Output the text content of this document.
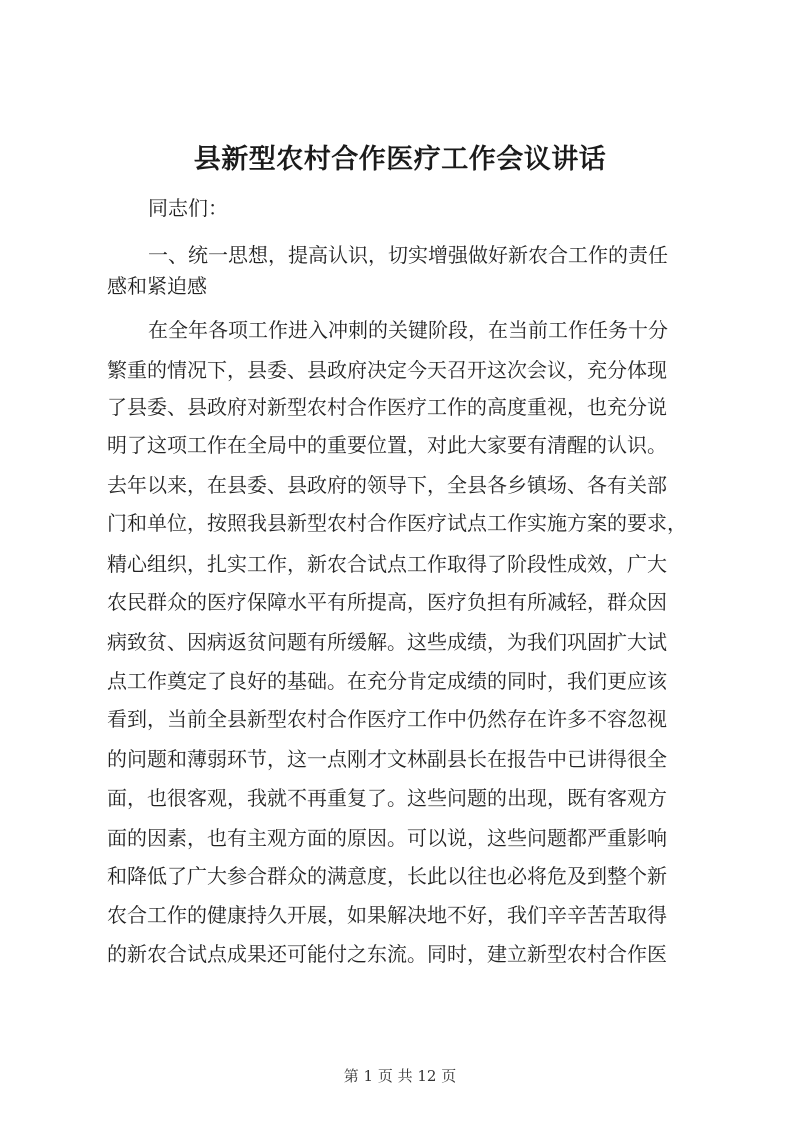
县新型农村合作医疗工作会议讲话
同志们：
一、统一思想，提高认识，切实增强做好新农合工作的责任
感和紧迫感
在全年各项工作进入冲刺的关键阶段，在当前工作任务十分
繁重的情况下，县委、县政府决定今天召开这次会议，充分体现
了县委、县政府对新型农村合作医疗工作的高度重视，也充分说
明了这项工作在全局中的重要位置，对此大家要有清醒的认识。
去年以来，在县委、县政府的领导下，全县各乡镇场、各有关部
门和单位，按照我县新型农村合作医疗试点工作实施方案的要求，
精心组织，扎实工作，新农合试点工作取得了阶段性成效，广大
农民群众的医疗保障水平有所提高，医疗负担有所减轻，群众因
病致贫、因病返贫问题有所缓解。这些成绩，为我们巩固扩大试
点工作奠定了良好的基础。在充分肯定成绩的同时，我们更应该
看到，当前全县新型农村合作医疗工作中仍然存在许多不容忽视
的问题和薄弱环节，这一点刚才文林副县长在报告中已讲得很全
面，也很客观，我就不再重复了。这些问题的出现，既有客观方
面的因素，也有主观方面的原因。可以说，这些问题都严重影响
和降低了广大参合群众的满意度，长此以往也必将危及到整个新
农合工作的健康持久开展，如果解决地不好，我们辛辛苦苦取得
的新农合试点成果还可能付之东流。同时，建立新型农村合作医
第 1 页 共 12 页
